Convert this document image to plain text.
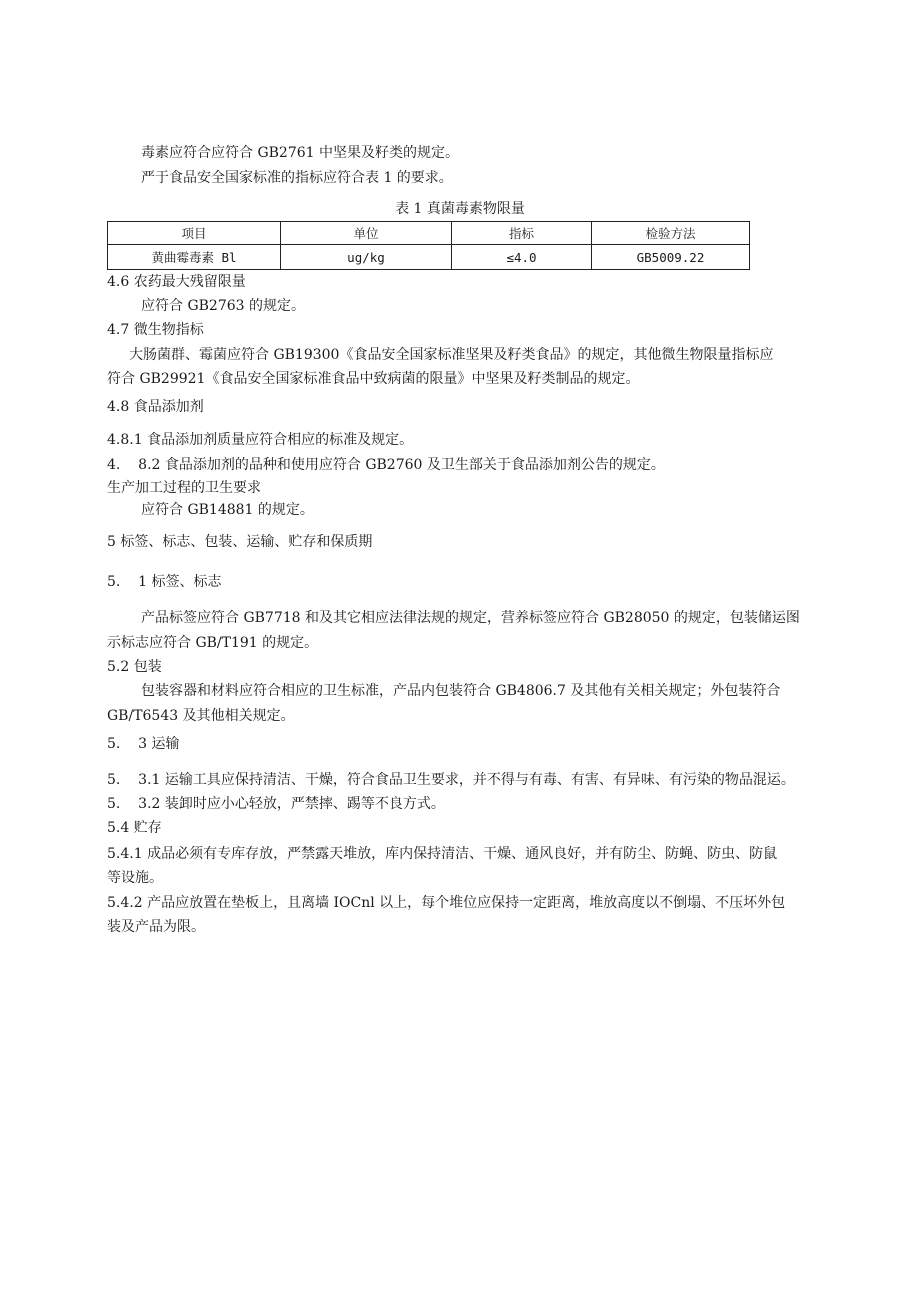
毒素应符合应符合 GB2761 中坚果及籽类的规定。
严于食品安全国家标准的指标应符合表 1 的要求。
表 1 真菌毒素物限量
项目	单位	指标	检验方法
黄曲霉毒素 Bl	ug/kg	≤4.0	GB5009.22
4.6 农药最大残留限量
应符合 GB2763 的规定。
4.7 微生物指标
大肠菌群、霉菌应符合 GB19300《食品安全国家标准坚果及籽类食品》的规定，其他微生物限量指标应
符合 GB29921《食品安全国家标准食品中致病菌的限量》中坚果及籽类制品的规定。
4.8 食品添加剂
4.8.1 食品添加剂质量应符合相应的标准及规定。
4.    8.2 食品添加剂的品种和使用应符合 GB2760 及卫生部关于食品添加剂公告的规定。
生产加工过程的卫生要求
应符合 GB14881 的规定。
5 标签、标志、包装、运输、贮存和保质期
5.    1 标签、标志
产品标签应符合 GB7718 和及其它相应法律法规的规定，营养标签应符合 GB28050 的规定，包装储运图
示标志应符合 GB/T191 的规定。
5.2 包装
包装容器和材料应符合相应的卫生标准，产品内包装符合 GB4806.7 及其他有关相关规定；外包装符合
GB/T6543 及其他相关规定。
5.    3 运输
5.    3.1 运输工具应保持清洁、干燥，符合食品卫生要求，并不得与有毒、有害、有异味、有污染的物品混运。
5.    3.2 装卸时应小心轻放，严禁摔、踢等不良方式。
5.4 贮存
5.4.1 成品必须有专库存放，严禁露天堆放，库内保持清洁、干燥、通风良好，并有防尘、防蝇、防虫、防鼠
等设施。
5.4.2 产品应放置在垫板上，且离墙 IOCnl 以上，每个堆位应保持一定距离，堆放高度以不倒塌、不压坏外包
装及产品为限。
